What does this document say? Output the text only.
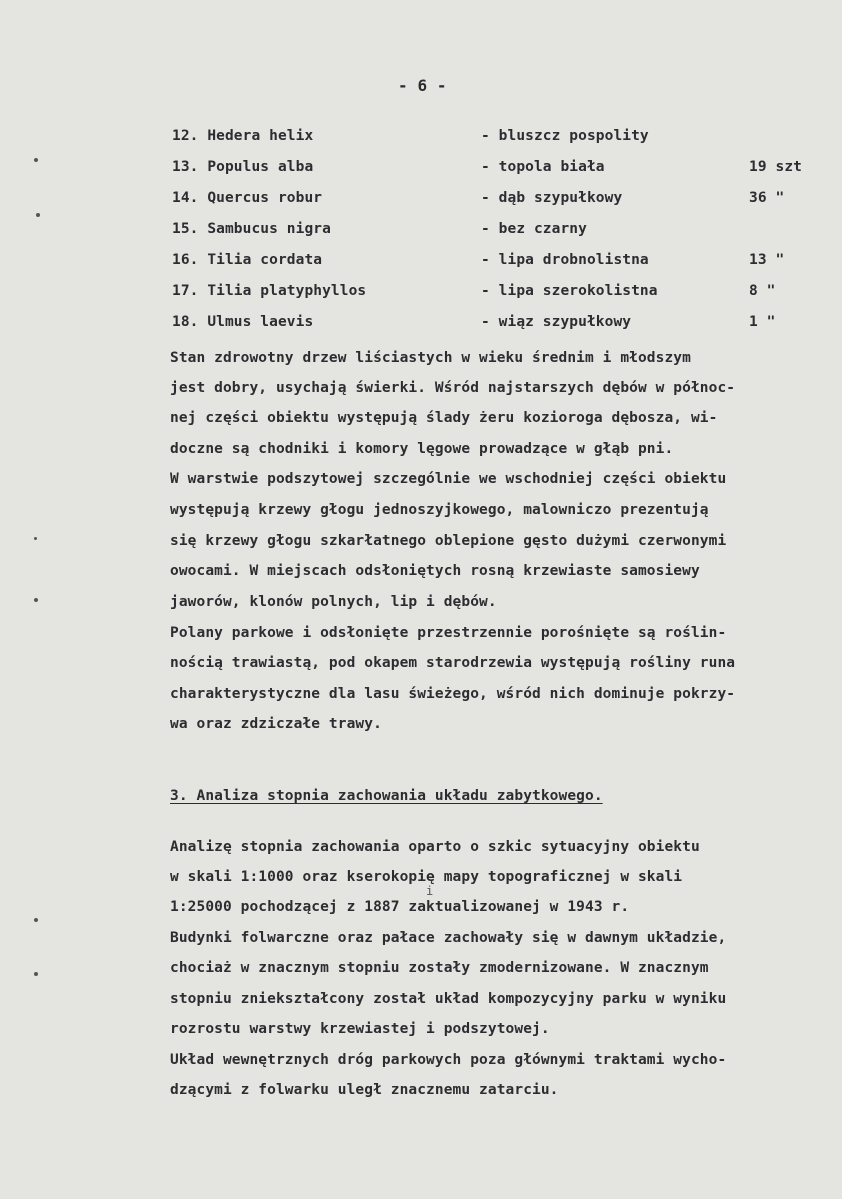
- 6 -
12. Hedera helix	- bluszcz pospolity
13. Populus alba	- topola biała	19 szt
14. Quercus robur	- dąb szypułkowy	36 "
15. Sambucus nigra	- bez czarny
16. Tilia cordata	- lipa drobnolistna	13 "
17. Tilia platyphyllos	- lipa szerokolistna	8 "
18. Ulmus laevis	- wiąz szypułkowy	1 "
Stan zdrowotny drzew liściastych w wieku średnim i młodszym
jest dobry, usychają świerki. Wśród najstarszych dębów w północ-
nej części obiektu występują ślady żeru kozioroga dębosza, wi-
doczne są chodniki i komory lęgowe prowadzące w głąb pni.
W warstwie podszytowej szczególnie we wschodniej części obiektu
występują krzewy głogu jednoszyjkowego, malowniczo prezentują
się krzewy głogu szkarłatnego oblepione gęsto dużymi czerwonymi
owocami. W miejscach odsłoniętych rosną krzewiaste samosiewy
jaworów, klonów polnych, lip i dębów.
Polany parkowe i odsłonięte przestrzennie porośnięte są roślin-
nością trawiastą, pod okapem starodrzewia występują rośliny runa
charakterystyczne dla lasu świeżego, wśród nich dominuje pokrzy-
wa oraz zdziczałe trawy.
3. Analiza stopnia zachowania układu zabytkowego.
Analizę stopnia zachowania oparto o szkic sytuacyjny obiektu
w skali 1:1000 oraz kserokopię mapy topograficznej w skali
1:25000 pochodzącej z 1887 zaktualizowanej w 1943 r.
Budynki folwarczne oraz pałace zachowały się w dawnym układzie,
chociaż w znacznym stopniu zostały zmodernizowane. W znacznym
stopniu zniekształcony został układ kompozycyjny parku w wyniku
rozrostu warstwy krzewiastej i podszytowej.
Układ wewnętrznych dróg parkowych poza głównymi traktami wycho-
dzącymi z folwarku uległ znacznemu zatarciu.
i
